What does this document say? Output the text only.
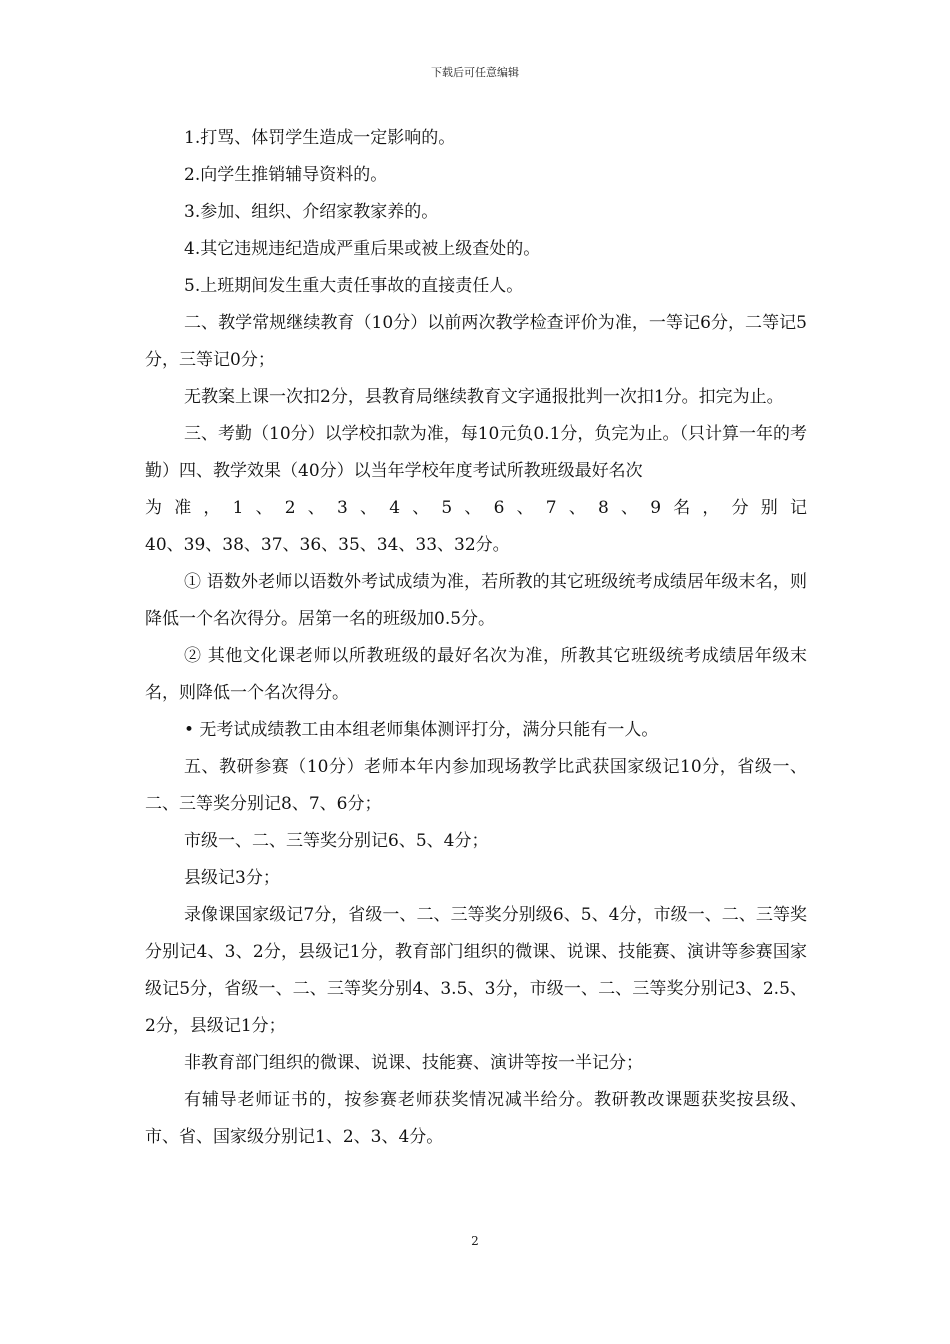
下载后可任意编辑

1.打骂、体罚学生造成一定影响的。

2.向学生推销辅导资料的。

3.参加、组织、介绍家教家养的。

4.其它违规违纪造成严重后果或被上级查处的。

5.上班期间发生重大责任事故的直接责任人。

二、教学常规继续教育（10分）以前两次教学检查评价为准，一等记6分，二等记5分，三等记0分；

无教案上课一次扣2分，县教育局继续教育文字通报批判一次扣1分。扣完为止。

三、考勤（10分）以学校扣款为准，每10元负0.1分，负完为止。（只计算一年的考勤）四、教学效果（40分）以当年学校年度考试所教班级最好名次

为准，1、2、3、4、5、6、7、8、9名，分别记

40、39、38、37、36、35、34、33、32分。

① 语数外老师以语数外考试成绩为准，若所教的其它班级统考成绩居年级末名，则降低一个名次得分。居第一名的班级加0.5分。

② 其他文化课老师以所教班级的最好名次为准，所教其它班级统考成绩居年级末名，则降低一个名次得分。

• 无考试成绩教工由本组老师集体测评打分，满分只能有一人。

五、教研参赛（10分）老师本年内参加现场教学比武获国家级记10分，省级一、二、三等奖分别记8、7、6分；

市级一、二、三等奖分别记6、5、4分；

县级记3分；

录像课国家级记7分，省级一、二、三等奖分别级6、5、4分，市级一、二、三等奖分别记4、3、2分，县级记1分，教育部门组织的微课、说课、技能赛、演讲等参赛国家级记5分，省级一、二、三等奖分别4、3.5、3分，市级一、二、三等奖分别记3、2.5、2分，县级记1分；

非教育部门组织的微课、说课、技能赛、演讲等按一半记分；

有辅导老师证书的，按参赛老师获奖情况减半给分。教研教改课题获奖按县级、市、省、国家级分别记1、2、3、4分。

2
